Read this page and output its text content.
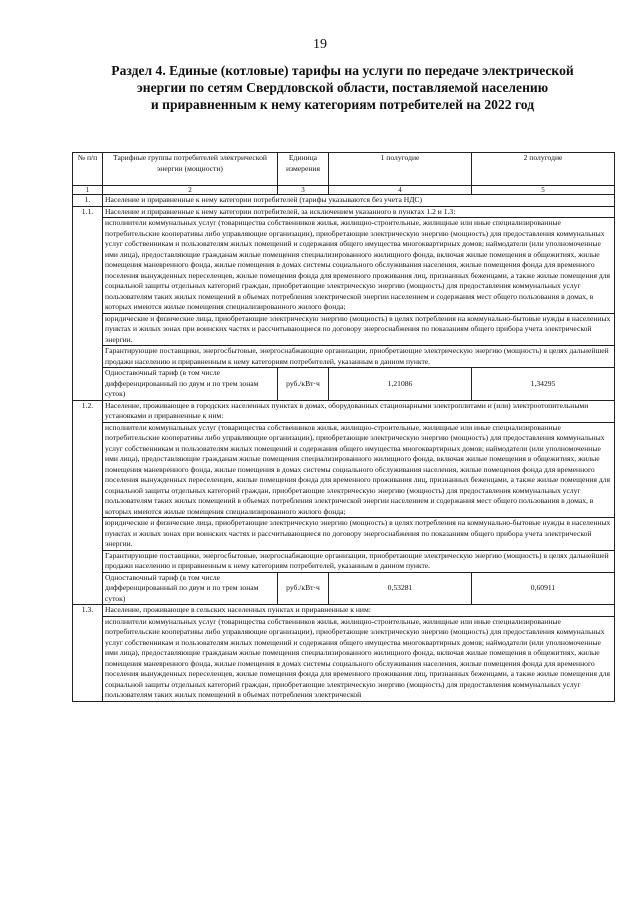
19
Раздел 4. Единые (котловые) тарифы на услуги по передаче электрической
энергии по сетям Свердловской области, поставляемой населению
и приравненным к нему категориям потребителей на 2022 год
№ п/п	Тарифные группы потребителей электрической энергии (мощности)	Единица измерения	1 полугодие	2 полугодие
1	2	3	4	5
1.	Население и приравненные к нему категории потребителей (тарифы указываются без учета НДС)			
1.1.	Население и приравненные к нему категории потребителей, за исключением указанного в пунктах 1.2 и 1.3:			
	исполнители коммунальных услуг (товарищества собственников жилья, жилищно-строительные, жилищные или иные специализированные потребительские кооперативы либо управляющие организации), приобретающие электрическую энергию (мощность) для предоставления коммунальных услуг собственникам и пользователям жилых помещений и содержания общего имущества многоквартирных домов; наймодатели (или уполномоченные ими лица), предоставляющие гражданам жилые помещения специализированного жилищного фонда, включая жилые помещения в общежитиях, жилые помещения маневренного фонда, жилые помещения в домах системы социального обслуживания населения, жилые помещения фонда для временного поселения вынужденных переселенцев, жилые помещения фонда для временного проживания лиц, признанных беженцами, а также жилые помещения для социальной защиты отдельных категорий граждан, приобретающие электрическую энергию (мощность) для предоставления коммунальных услуг пользователям таких жилых помещений в объемах потребления электрической энергии населением и содержания мест общего пользования в домах, в которых имеются жилые помещения специализированного жилого фонда;			
	юридические и физические лица, приобретающие электрическую энергию (мощность) в целях потребления на коммунально-бытовые нужды в населенных пунктах и жилых зонах при воинских частях и рассчитывающиеся по договору энергоснабжения по показаниям общего прибора учета электрической энергии.			
	Гарантирующие поставщики, энергосбытовые, энергоснабжающие организации, приобретающие электрическую энергию (мощность) в целях дальнейшей продажи населению и приравненным к нему категориям потребителей, указанным в данном пункте.			
	Одноставочный тариф (в том числе дифференцированный по двум и по трем зонам суток)	руб./кВт·ч	1,21086	1,34295
1.2.	Население, проживающее в городских населенных пунктах в домах, оборудованных стационарными электроплитами и (или) электроотопительными установками и приравненные к ним:			
	исполнители коммунальных услуг (товарищества собственников жилья, жилищно-строительные, жилищные или иные специализированные потребительские кооперативы либо управляющие организации), приобретающие электрическую энергию (мощность) для предоставления коммунальных услуг собственникам и пользователям жилых помещений и содержания общего имущества многоквартирных домов; наймодатели (или уполномоченные ими лица), предоставляющие гражданам жилые помещения специализированного жилищного фонда, включая жилые помещения в общежитиях, жилые помещения маневренного фонда, жилые помещения в домах системы социального обслуживания населения, жилые помещения фонда для временного поселения вынужденных переселенцев, жилые помещения фонда для временного проживания лиц, признанных беженцами, а также жилые помещения для социальной защиты отдельных категорий граждан, приобретающие электрическую энергию (мощность) для предоставления коммунальных услуг пользователям таких жилых помещений в объемах потребления электрической энергии населением и содержания мест общего пользования в домах, в которых имеются жилые помещения специализированного жилого фонда;			
	юридические и физические лица, приобретающие электрическую энергию (мощность) в целях потребления на коммунально-бытовые нужды в населенных пунктах и жилых зонах при воинских частях и рассчитывающиеся по договору энергоснабжения по показаниям общего прибора учета электрической энергии.			
	Гарантирующие поставщики, энергосбытовые, энергоснабжающие организации, приобретающие электрическую энергию (мощность) в целях дальнейшей продажи населению и приравненным к нему категориям потребителей, указанным в данном пункте.			
	Одноставочный тариф (в том числе дифференцированный по двум и по трем зонам суток)	руб./кВт·ч	0,53281	0,60911
1.3.	Население, проживающее в сельских населенных пунктах и приравненные к ним:			
	исполнители коммунальных услуг (товарищества собственников жилья, жилищно-строительные, жилищные или иные специализированные потребительские кооперативы либо управляющие организации), приобретающие электрическую энергию (мощность) для предоставления коммунальных услуг собственникам и пользователям жилых помещений и содержания общего имущества многоквартирных домов; наймодатели (или уполномоченные ими лица), предоставляющие гражданам жилые помещения специализированного жилищного фонда, включая жилые помещения в общежитиях, жилые помещения маневренного фонда, жилые помещения в домах системы социального обслуживания населения, жилые помещения фонда для временного поселения вынужденных переселенцев, жилые помещения фонда для временного проживания лиц, признанных беженцами, а также жилые помещения для социальной защиты отдельных категорий граждан, приобретающие электрическую энергию (мощность) для предоставления коммунальных услуг пользователям таких жилых помещений в объемах потребления электрической			
